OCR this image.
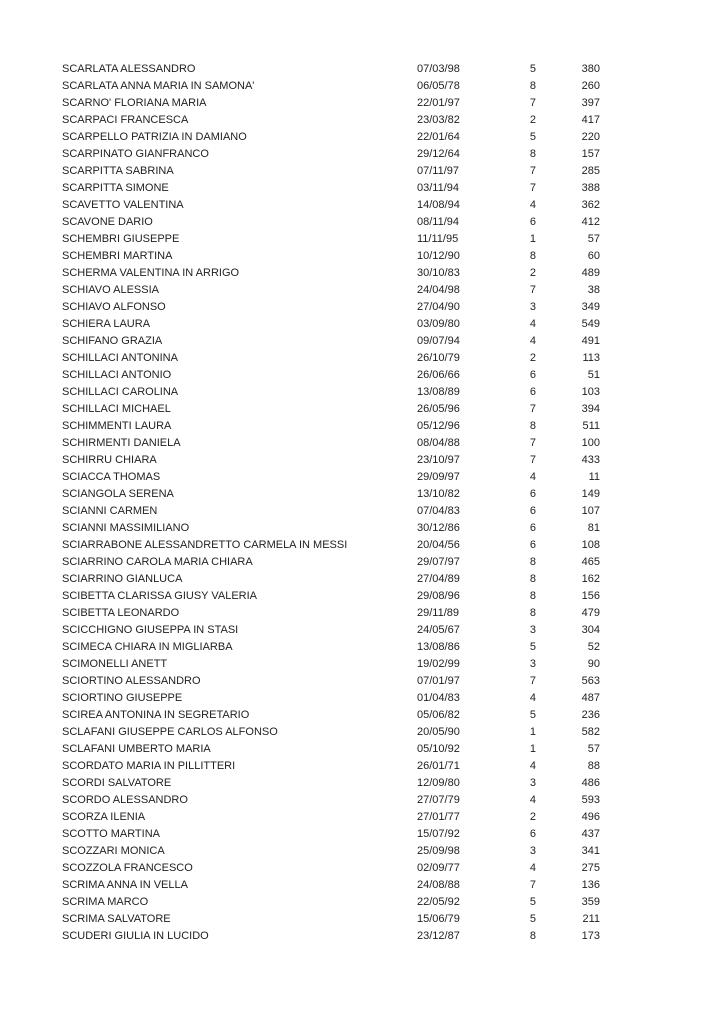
SCARLATA ALESSANDRO	07/03/98	5	380
SCARLATA ANNA MARIA IN SAMONA'	06/05/78	8	260
SCARNO' FLORIANA MARIA	22/01/97	7	397
SCARPACI FRANCESCA	23/03/82	2	417
SCARPELLO PATRIZIA IN DAMIANO	22/01/64	5	220
SCARPINATO GIANFRANCO	29/12/64	8	157
SCARPITTA SABRINA	07/11/97	7	285
SCARPITTA SIMONE	03/11/94	7	388
SCAVETTO VALENTINA	14/08/94	4	362
SCAVONE DARIO	08/11/94	6	412
SCHEMBRI GIUSEPPE	11/11/95	1	57
SCHEMBRI MARTINA	10/12/90	8	60
SCHERMA VALENTINA IN ARRIGO	30/10/83	2	489
SCHIAVO ALESSIA	24/04/98	7	38
SCHIAVO ALFONSO	27/04/90	3	349
SCHIERA LAURA	03/09/80	4	549
SCHIFANO GRAZIA	09/07/94	4	491
SCHILLACI ANTONINA	26/10/79	2	113
SCHILLACI ANTONIO	26/06/66	6	51
SCHILLACI CAROLINA	13/08/89	6	103
SCHILLACI MICHAEL	26/05/96	7	394
SCHIMMENTI LAURA	05/12/96	8	511
SCHIRMENTI DANIELA	08/04/88	7	100
SCHIRRU CHIARA	23/10/97	7	433
SCIACCA THOMAS	29/09/97	4	11
SCIANGOLA SERENA	13/10/82	6	149
SCIANNI CARMEN	07/04/83	6	107
SCIANNI MASSIMILIANO	30/12/86	6	81
SCIARRABONE ALESSANDRETTO CARMELA IN MESSI	20/04/56	6	108
SCIARRINO CAROLA MARIA CHIARA	29/07/97	8	465
SCIARRINO GIANLUCA	27/04/89	8	162
SCIBETTA CLARISSA GIUSY VALERIA	29/08/96	8	156
SCIBETTA LEONARDO	29/11/89	8	479
SCICCHIGNO GIUSEPPA IN STASI	24/05/67	3	304
SCIMECA CHIARA IN MIGLIARBA	13/08/86	5	52
SCIMONELLI ANETT	19/02/99	3	90
SCIORTINO ALESSANDRO	07/01/97	7	563
SCIORTINO GIUSEPPE	01/04/83	4	487
SCIREA ANTONINA IN SEGRETARIO	05/06/82	5	236
SCLAFANI GIUSEPPE CARLOS ALFONSO	20/05/90	1	582
SCLAFANI UMBERTO MARIA	05/10/92	1	57
SCORDATO MARIA IN PILLITTERI	26/01/71	4	88
SCORDI SALVATORE	12/09/80	3	486
SCORDO ALESSANDRO	27/07/79	4	593
SCORZA ILENIA	27/01/77	2	496
SCOTTO MARTINA	15/07/92	6	437
SCOZZARI MONICA	25/09/98	3	341
SCOZZOLA FRANCESCO	02/09/77	4	275
SCRIMA ANNA IN VELLA	24/08/88	7	136
SCRIMA MARCO	22/05/92	5	359
SCRIMA SALVATORE	15/06/79	5	211
SCUDERI GIULIA IN LUCIDO	23/12/87	8	173
